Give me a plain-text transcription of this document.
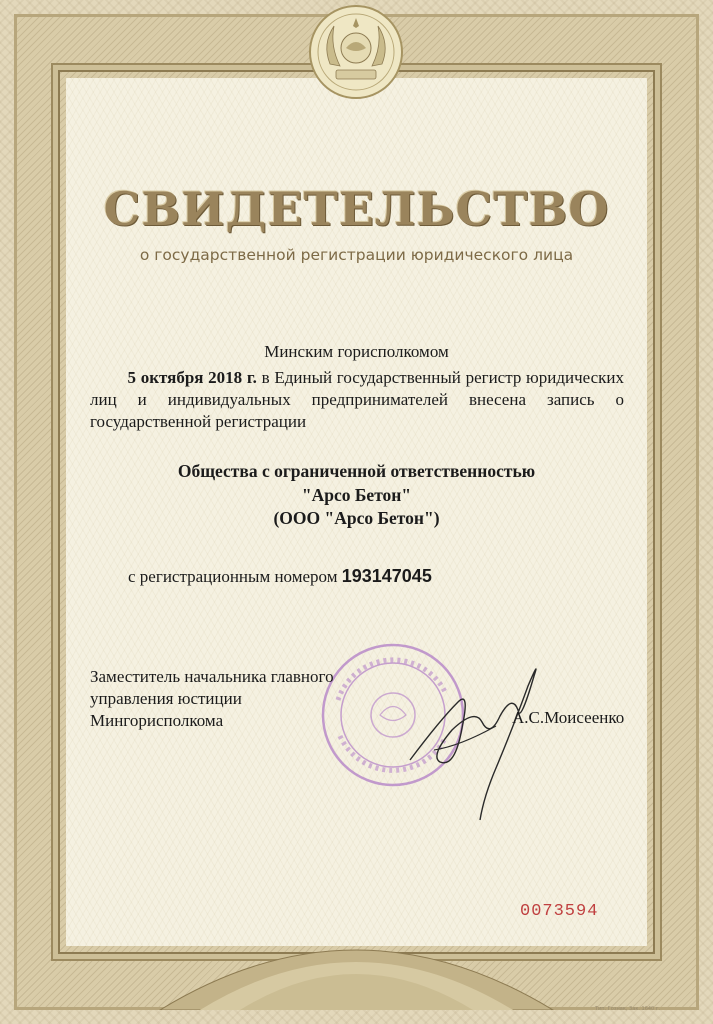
СВИДЕТЕЛЬСТВО
о государственной регистрации юридического лица
Минским горисполкомом
5 октября 2018 г. в Единый государственный регистр юридических лиц и индивидуальных предпринимателей внесена запись о государственной регистрации
Общества с ограниченной ответственностью
"Арсо Бетон"
(ООО "Арсо Бетон")
с регистрационным номером 193147045
Заместитель начальника главного
управления юстиции
Мингорисполкома	А.С.Моисеенко
0073594
Тип. Гознак, Зак. 1640 г.
